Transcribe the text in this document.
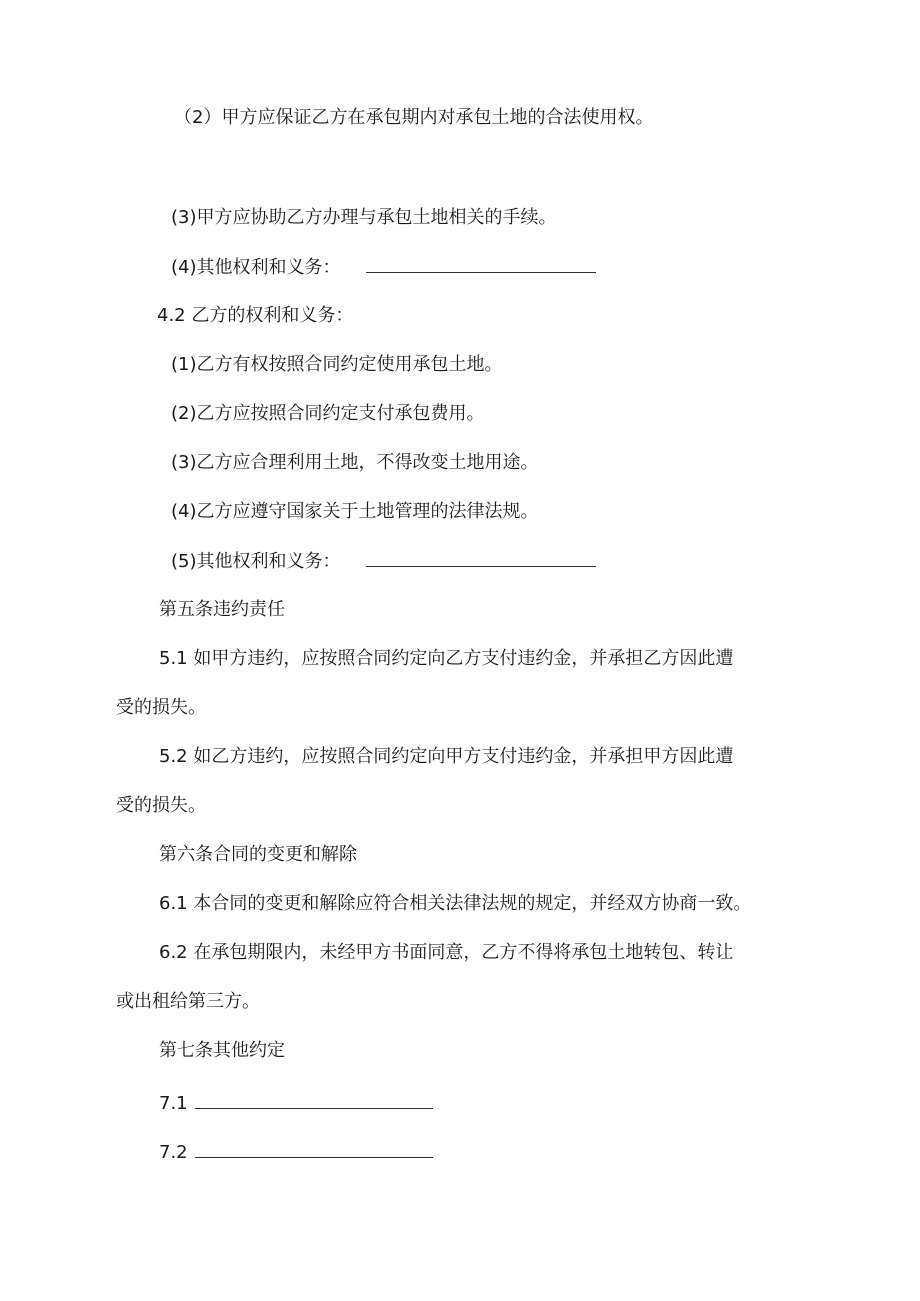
（2）甲方应保证乙方在承包期内对承包土地的合法使用权。
(3)甲方应协助乙方办理与承包土地相关的手续。
(4)其他权利和义务：
4.2 乙方的权利和义务：
(1)乙方有权按照合同约定使用承包土地。
(2)乙方应按照合同约定支付承包费用。
(3)乙方应合理利用土地，不得改变土地用途。
(4)乙方应遵守国家关于土地管理的法律法规。
(5)其他权利和义务：
第五条违约责任
5.1 如甲方违约，应按照合同约定向乙方支付违约金，并承担乙方因此遭
受的损失。
5.2 如乙方违约，应按照合同约定向甲方支付违约金，并承担甲方因此遭
受的损失。
第六条合同的变更和解除
6.1 本合同的变更和解除应符合相关法律法规的规定，并经双方协商一致。
6.2 在承包期限内，未经甲方书面同意，乙方不得将承包土地转包、转让
或出租给第三方。
第七条其他约定
7.1
7.2
